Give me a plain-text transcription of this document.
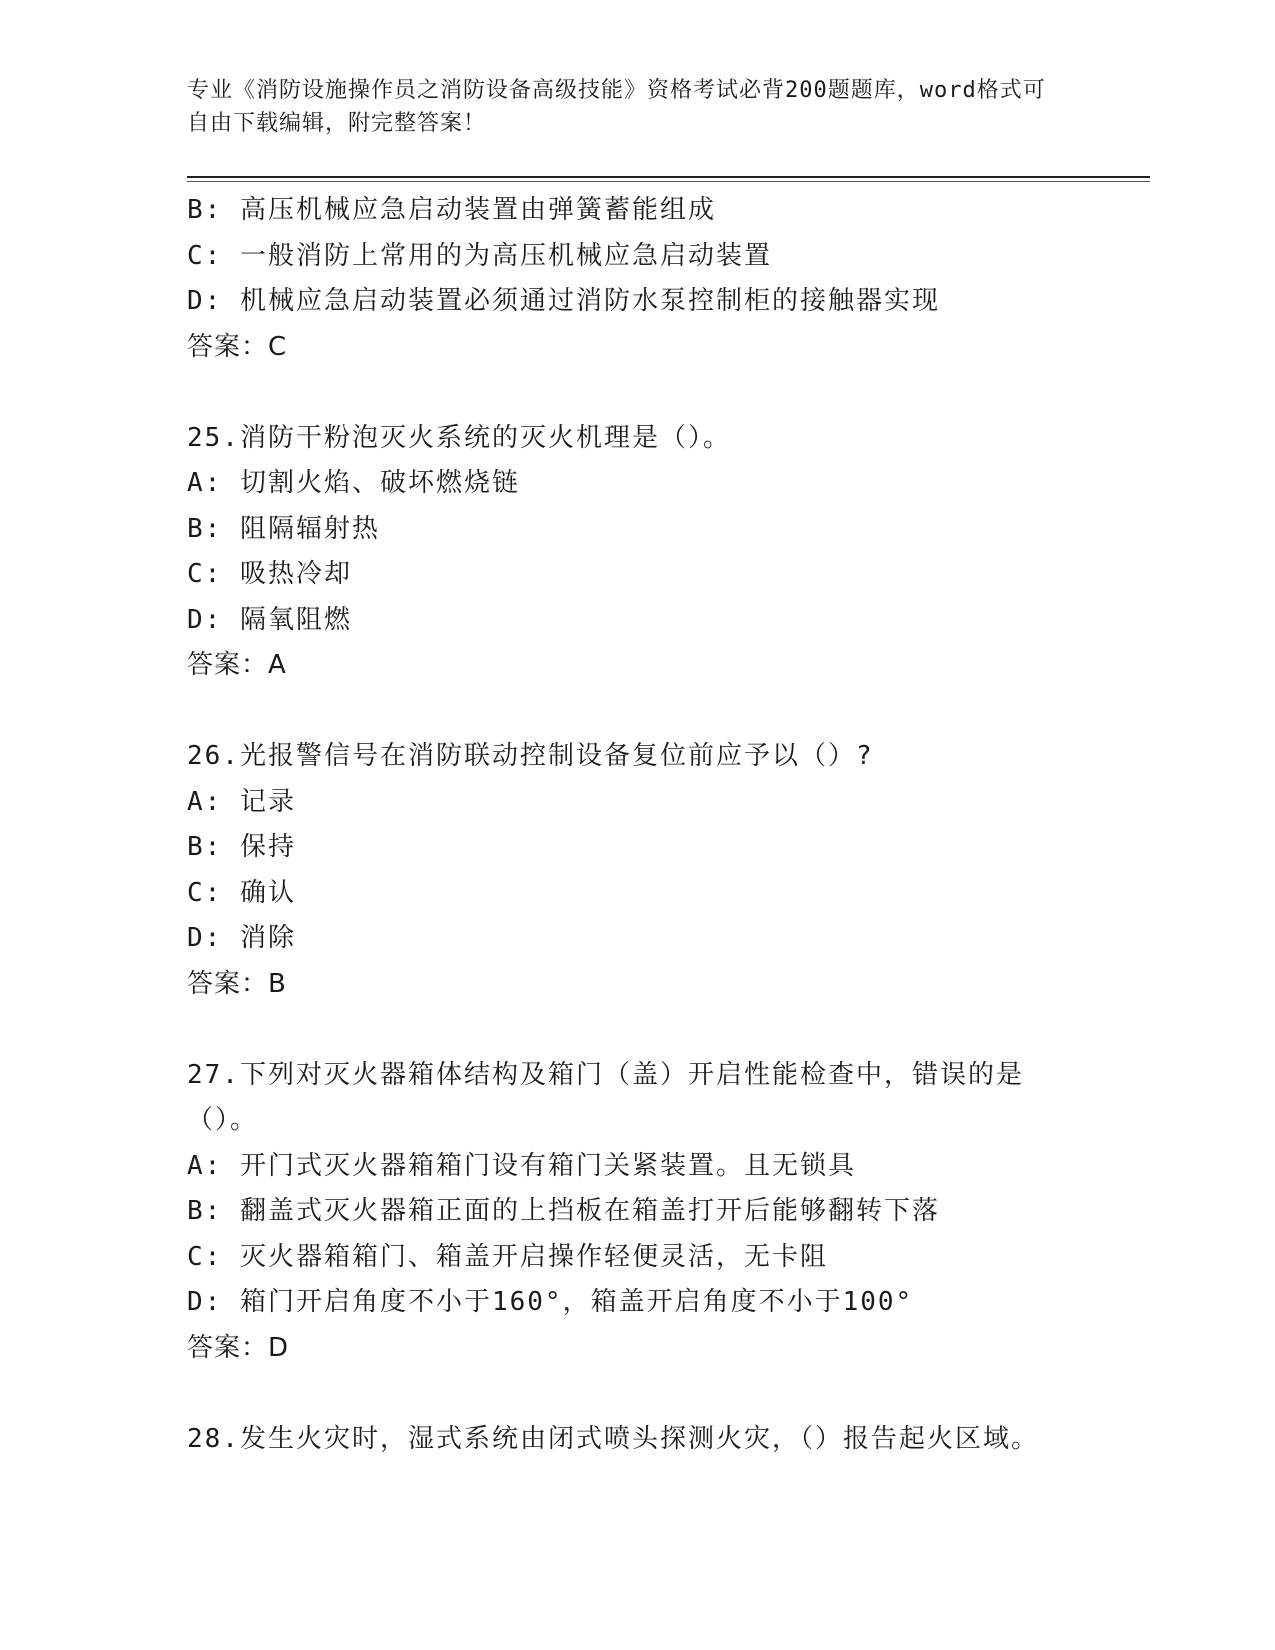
专业《消防设施操作员之消防设备高级技能》资格考试必背200题题库，word格式可自由下载编辑，附完整答案！
B: 高压机械应急启动装置由弹簧蓄能组成
C: 一般消防上常用的为高压机械应急启动装置
D: 机械应急启动装置必须通过消防水泵控制柜的接触器实现
答案：C
25.消防干粉泡灭火系统的灭火机理是（）。
A: 切割火焰、破坏燃烧链
B: 阻隔辐射热
C: 吸热冷却
D: 隔氧阻燃
答案：A
26.光报警信号在消防联动控制设备复位前应予以（）?
A: 记录
B: 保持
C: 确认
D: 消除
答案：B
27.下列对灭火器箱体结构及箱门（盖）开启性能检查中，错误的是（）。
A: 开门式灭火器箱箱门设有箱门关紧装置。且无锁具
B: 翻盖式灭火器箱正面的上挡板在箱盖打开后能够翻转下落
C: 灭火器箱箱门、箱盖开启操作轻便灵活，无卡阻
D: 箱门开启角度不小于160°，箱盖开启角度不小于100°
答案：D
28.发生火灾时，湿式系统由闭式喷头探测火灾，（）报告起火区域。
